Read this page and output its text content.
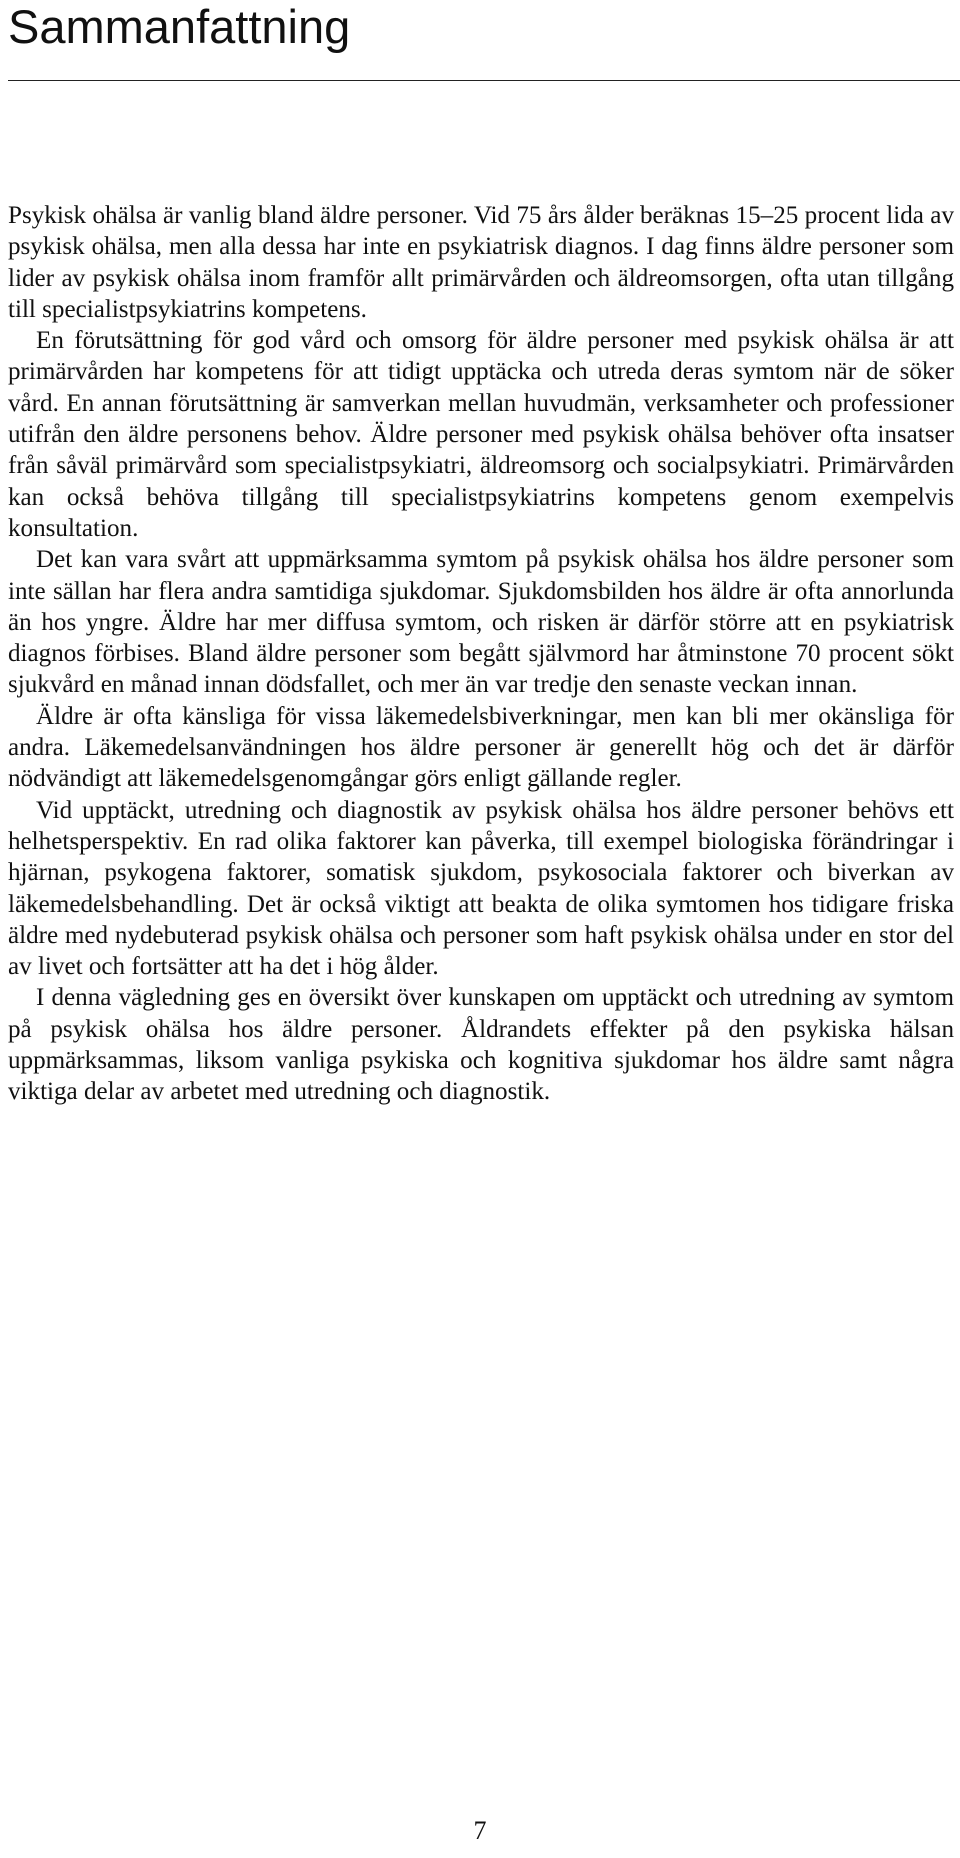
Sammanfattning

Psykisk ohälsa är vanlig bland äldre personer. Vid 75 års ålder beräknas 15–25 procent lida av psykisk ohälsa, men alla dessa har inte en psykiatrisk diagnos. I dag finns äldre personer som lider av psykisk ohälsa inom framför allt primärvården och äldreomsorgen, ofta utan tillgång till specialistpsykiatrins kompetens.

En förutsättning för god vård och omsorg för äldre personer med psykisk ohälsa är att primärvården har kompetens för att tidigt upptäcka och utreda deras symtom när de söker vård. En annan förutsättning är samverkan mellan huvudmän, verksamheter och professioner utifrån den äldre personens behov. Äldre personer med psykisk ohälsa behöver ofta insatser från såväl primärvård som specialistpsykiatri, äldreomsorg och socialpsykiatri. Primärvården kan också behöva tillgång till specialistpsykiatrins kompetens genom exempelvis konsultation.

Det kan vara svårt att uppmärksamma symtom på psykisk ohälsa hos äldre personer som inte sällan har flera andra samtidiga sjukdomar. Sjukdomsbilden hos äldre är ofta annorlunda än hos yngre. Äldre har mer diffusa symtom, och risken är därför större att en psykiatrisk diagnos förbises. Bland äldre personer som begått självmord har åtminstone 70 procent sökt sjukvård en månad innan dödsfallet, och mer än var tredje den senaste veckan innan.

Äldre är ofta känsliga för vissa läkemedelsbiverkningar, men kan bli mer okänsliga för andra. Läkemedelsanvändningen hos äldre personer är generellt hög och det är därför nödvändigt att läkemedelsgenomgångar görs enligt gällande regler.

Vid upptäckt, utredning och diagnostik av psykisk ohälsa hos äldre personer behövs ett helhetsperspektiv. En rad olika faktorer kan påverka, till exempel biologiska förändringar i hjärnan, psykogena faktorer, somatisk sjukdom, psykosociala faktorer och biverkan av läkemedelsbehandling. Det är också viktigt att beakta de olika symtomen hos tidigare friska äldre med nydebuterad psykisk ohälsa och personer som haft psykisk ohälsa under en stor del av livet och fortsätter att ha det i hög ålder.

I denna vägledning ges en översikt över kunskapen om upptäckt och utredning av symtom på psykisk ohälsa hos äldre personer. Åldrandets effekter på den psykiska hälsan uppmärksammas, liksom vanliga psykiska och kognitiva sjukdomar hos äldre samt några viktiga delar av arbetet med utredning och diagnostik.

7
